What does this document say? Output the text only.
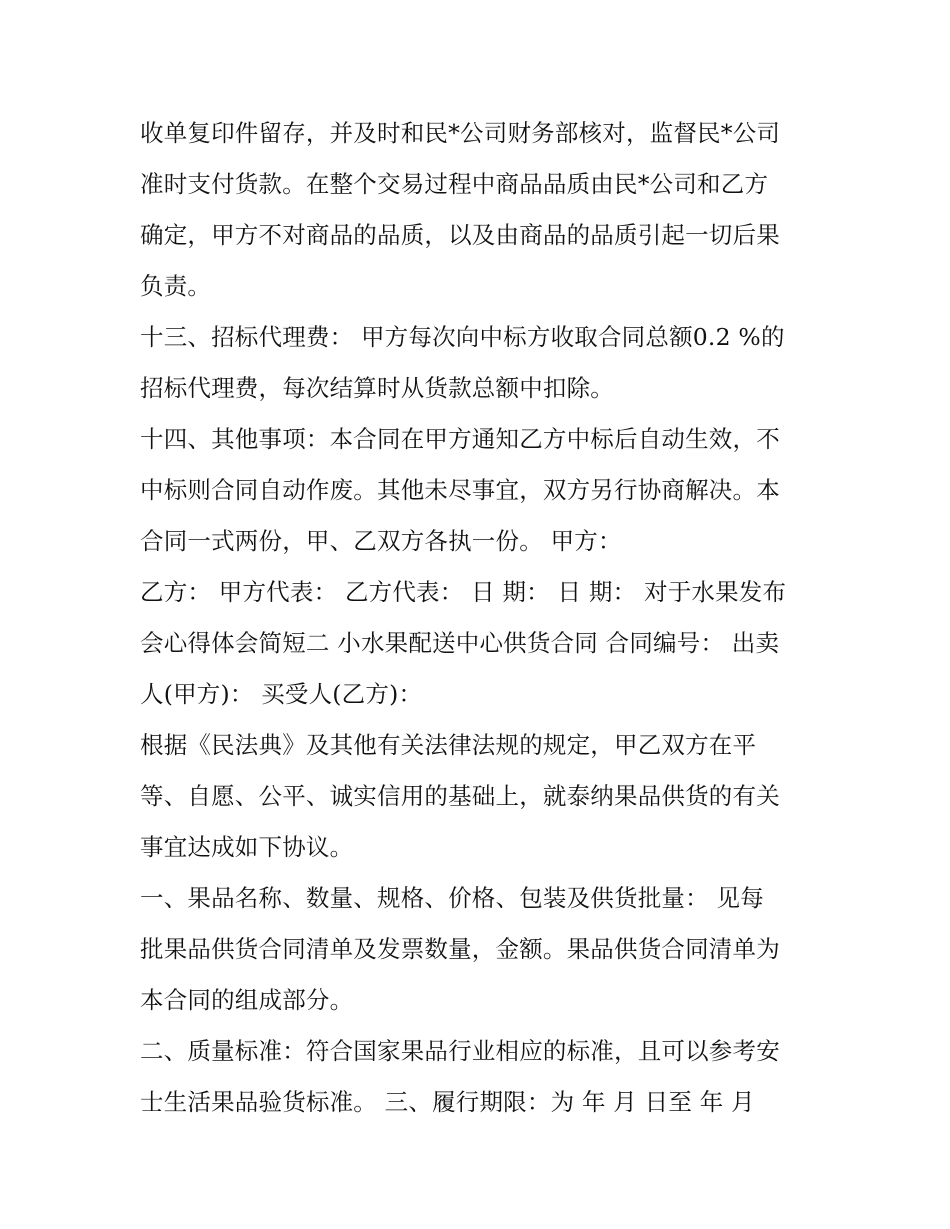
收单复印件留存，并及时和民*公司财务部核对，监督民*公司
准时支付货款。在整个交易过程中商品品质由民*公司和乙方
确定，甲方不对商品的品质，以及由商品的品质引起一切后果
负责。
十三、招标代理费： 甲方每次向中标方收取合同总额0.2 %的
招标代理费，每次结算时从货款总额中扣除。
十四、其他事项：本合同在甲方通知乙方中标后自动生效，不
中标则合同自动作废。其他未尽事宜，双方另行协商解决。本
合同一式两份，甲、乙双方各执一份。 甲方：
乙方： 甲方代表： 乙方代表： 日 期： 日 期： 对于水果发布
会心得体会简短二 小水果配送中心供货合同 合同编号： 出卖
人(甲方)： 买受人(乙方)：
根据《民法典》及其他有关法律法规的规定，甲乙双方在平
等、自愿、公平、诚实信用的基础上，就泰纳果品供货的有关
事宜达成如下协议。
一、果品名称、数量、规格、价格、包装及供货批量： 见每
批果品供货合同清单及发票数量，金额。果品供货合同清单为
本合同的组成部分。
二、质量标准：符合国家果品行业相应的标准，且可以参考安
士生活果品验货标准。 三、履行期限：为 年 月 日至 年 月
